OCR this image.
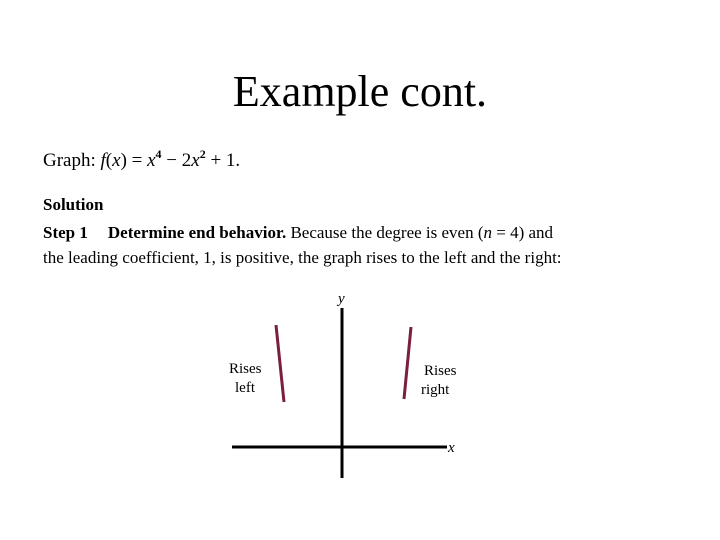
Example cont.
Graph: $f(x) = x^4 - 2x^2 + 1$.
Solution
Step 1 Determine end behavior. Because the degree is even (n = 4) and
the leading coefficient, 1, is positive, the graph rises to the left and the right:
y
x
Rises
left
Rises
right
